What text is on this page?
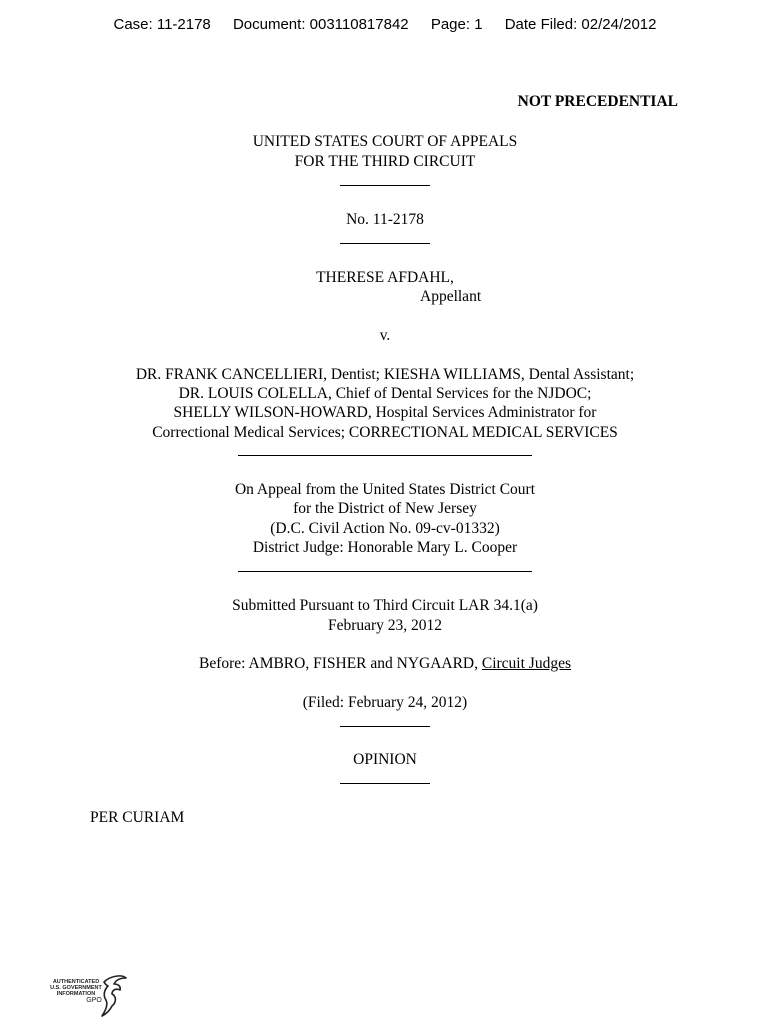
Case: 11-2178 Document: 003110817842 Page: 1 Date Filed: 02/24/2012
NOT PRECEDENTIAL
UNITED STATES COURT OF APPEALS
FOR THE THIRD CIRCUIT
No. 11-2178
THERESE AFDAHL,
Appellant
v.
DR. FRANK CANCELLIERI, Dentist; KIESHA WILLIAMS, Dental Assistant;
DR. LOUIS COLELLA, Chief of Dental Services for the NJDOC;
SHELLY WILSON-HOWARD, Hospital Services Administrator for
Correctional Medical Services; CORRECTIONAL MEDICAL SERVICES
On Appeal from the United States District Court
for the District of New Jersey
(D.C. Civil Action No. 09-cv-01332)
District Judge: Honorable Mary L. Cooper
Submitted Pursuant to Third Circuit LAR 34.1(a)
February 23, 2012
Before: AMBRO, FISHER and NYGAARD, Circuit Judges
(Filed: February 24, 2012)
OPINION
PER CURIAM
AUTHENTICATED
U.S. GOVERNMENT
INFORMATION
GPO
